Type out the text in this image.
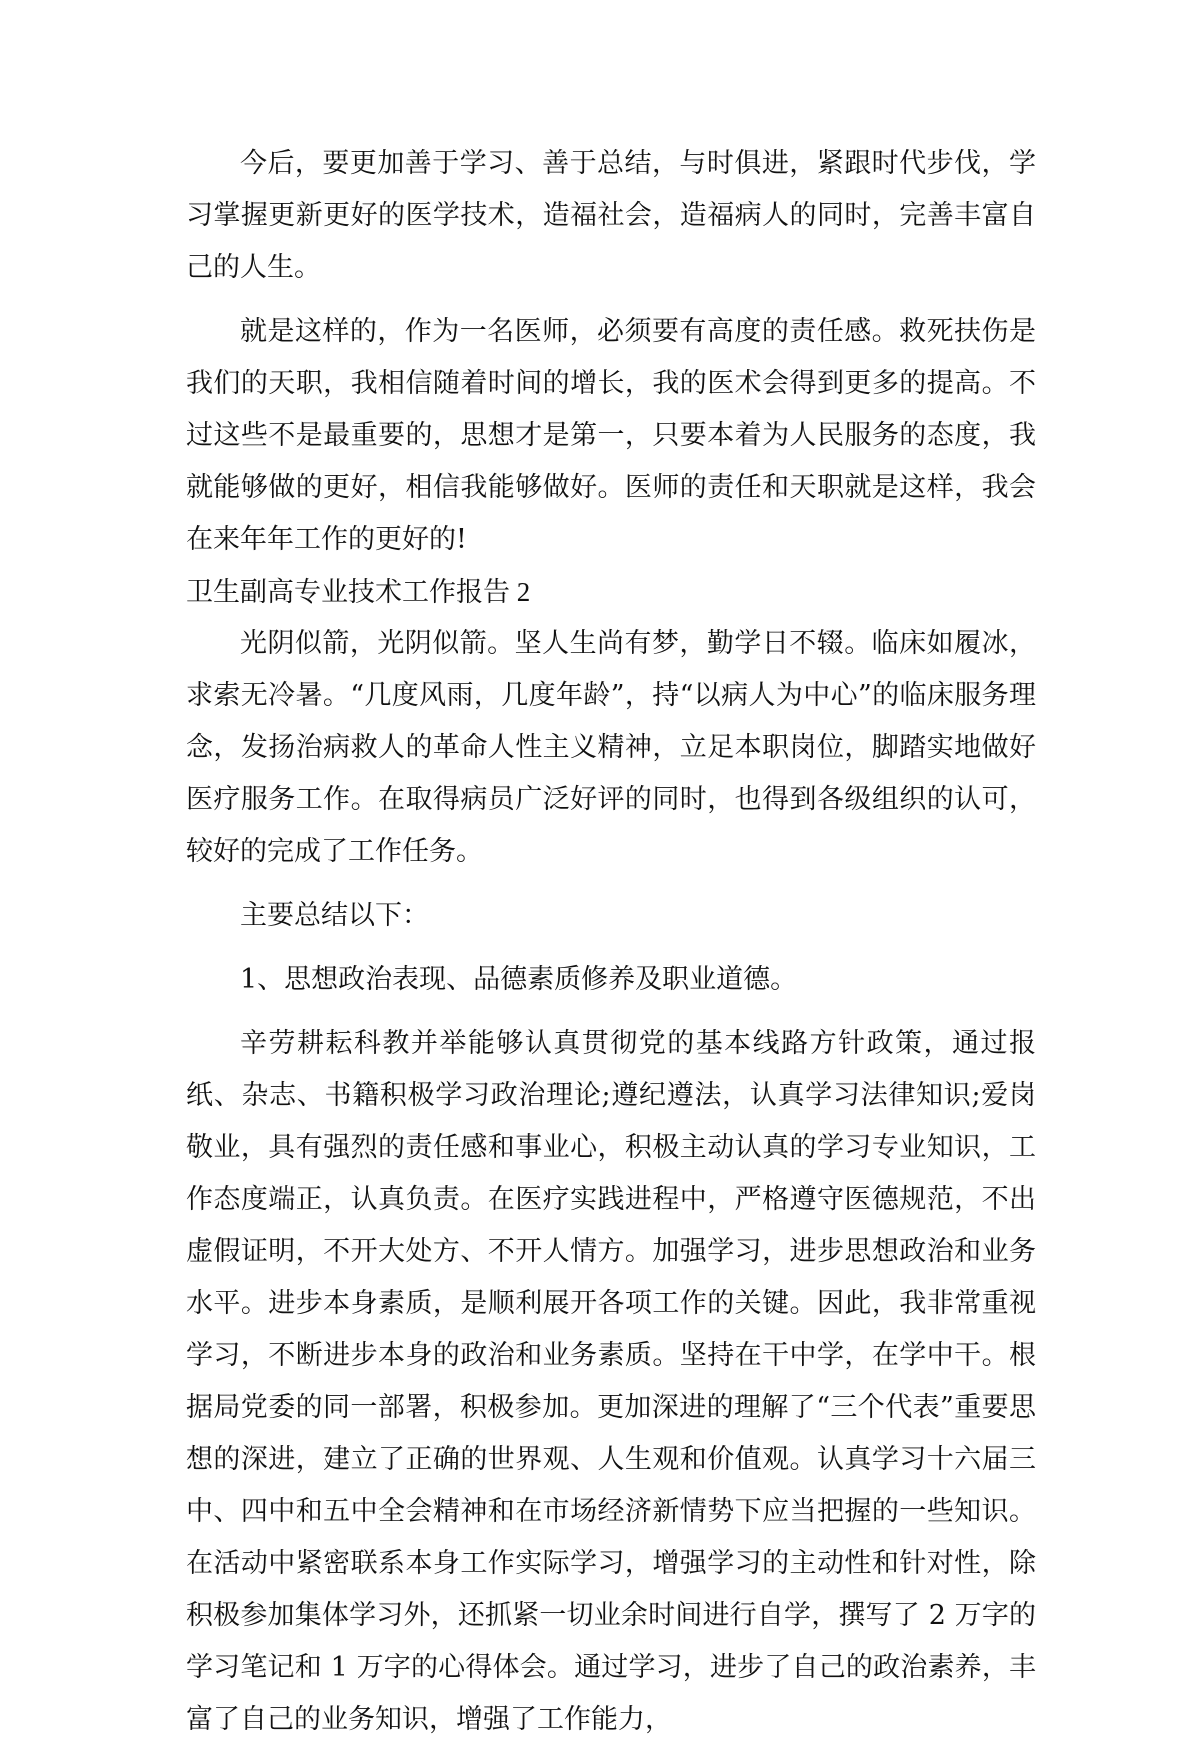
今后，要更加善于学习、善于总结，与时俱进，紧跟时代步伐，学习掌握更新更好的医学技术，造福社会，造福病人的同时，完善丰富自己的人生。

就是这样的，作为一名医师，必须要有高度的责任感。救死扶伤是我们的天职，我相信随着时间的增长，我的医术会得到更多的提高。不过这些不是最重要的，思想才是第一，只要本着为人民服务的态度，我就能够做的更好，相信我能够做好。医师的责任和天职就是这样，我会在来年年工作的更好的!

卫生副高专业技术工作报告 2

光阴似箭，光阴似箭。坚人生尚有梦，勤学日不辍。临床如履冰，求索无冷暑。“几度风雨，几度年龄”，持“以病人为中心”的临床服务理念，发扬治病救人的革命人性主义精神，立足本职岗位，脚踏实地做好医疗服务工作。在取得病员广泛好评的同时，也得到各级组织的认可，较好的完成了工作任务。

主要总结以下：

1、思想政治表现、品德素质修养及职业道德。

辛劳耕耘科教并举能够认真贯彻党的基本线路方针政策，通过报纸、杂志、书籍积极学习政治理论;遵纪遵法，认真学习法律知识;爱岗敬业，具有强烈的责任感和事业心，积极主动认真的学习专业知识，工作态度端正，认真负责。在医疗实践进程中，严格遵守医德规范，不出虚假证明，不开大处方、不开人情方。加强学习，进步思想政治和业务水平。进步本身素质，是顺利展开各项工作的关键。因此，我非常重视学习，不断进步本身的政治和业务素质。坚持在干中学，在学中干。根据局党委的同一部署，积极参加。更加深进的理解了“三个代表”重要思想的深进，建立了正确的世界观、人生观和价值观。认真学习十六届三中、四中和五中全会精神和在市场经济新情势下应当把握的一些知识。在活动中紧密联系本身工作实际学习，增强学习的主动性和针对性，除积极参加集体学习外，还抓紧一切业余时间进行自学，撰写了 2 万字的学习笔记和 1 万字的心得体会。通过学习，进步了自己的政治素养，丰富了自己的业务知识，增强了工作能力，
